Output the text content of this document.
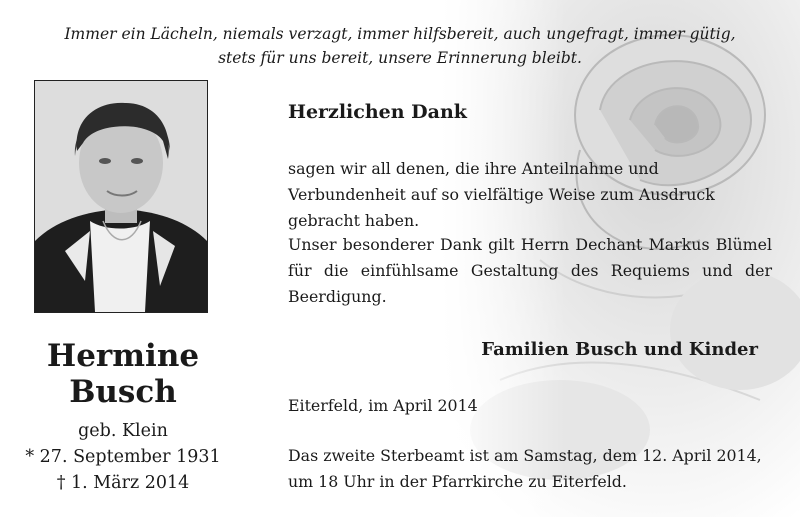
Immer ein Lächeln, niemals verzagt, immer hilfsbereit, auch ungefragt, immer gütig,
stets für uns bereit, unsere Erinnerung bleibt.
Hermine
Busch
geb. Klein
* 27. September 1931
† 1. März 2014
Herzlichen Dank

sagen wir all denen, die ihre Anteilnahme und Verbundenheit auf so vielfältige Weise zum Ausdruck gebracht haben.

Unser besonderer Dank gilt Herrn Dechant Markus Blümel für die einfühlsame Gestaltung des Requiems und der Beerdigung.

Familien Busch und Kinder
Eiterfeld, im April 2014

Das zweite Sterbeamt ist am Samstag, dem 12. April 2014, um 18 Uhr in der Pfarrkirche zu Eiterfeld.
